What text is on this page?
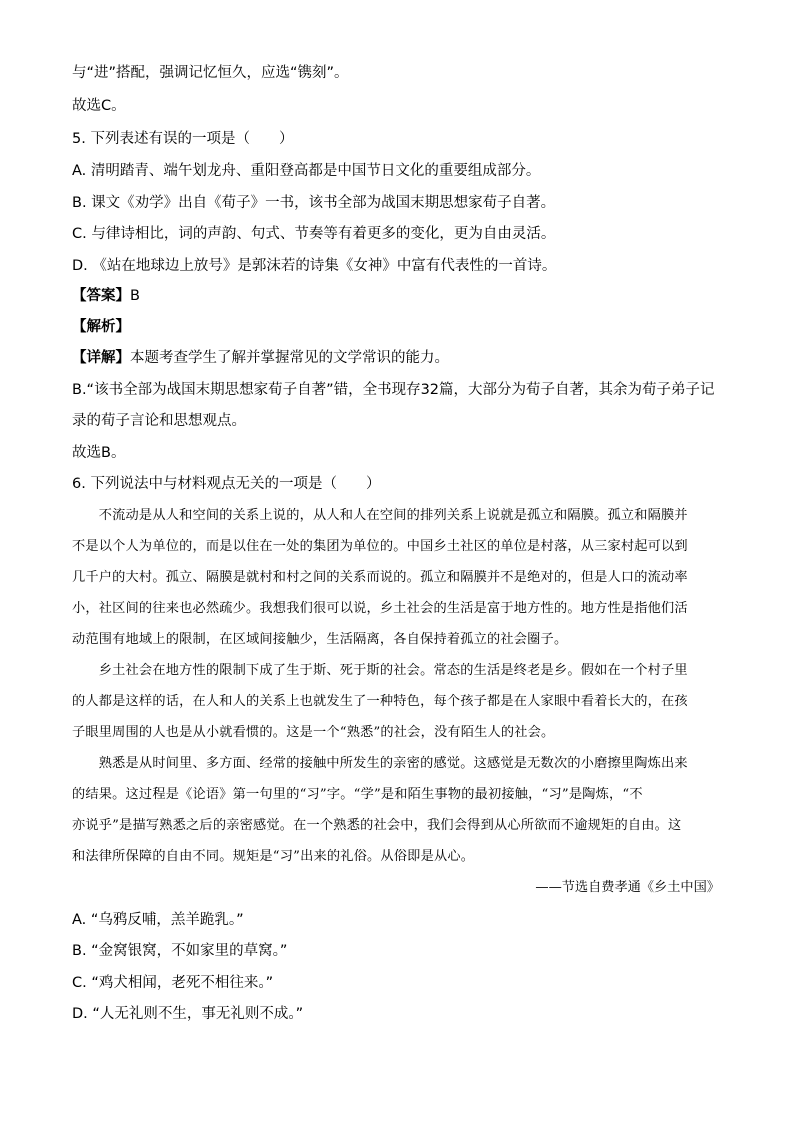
与“进”搭配，强调记忆恒久，应选“镌刻”。
故选C。
5. 下列表述有误的一项是（　　）
A. 清明踏青、端午划龙舟、重阳登高都是中国节日文化的重要组成部分。
B. 课文《劝学》出自《荀子》一书，该书全部为战国末期思想家荀子自著。
C. 与律诗相比，词的声韵、句式、节奏等有着更多的变化，更为自由灵活。
D. 《站在地球边上放号》是郭沫若的诗集《女神》中富有代表性的一首诗。
【答案】B
【解析】
【详解】本题考查学生了解并掌握常见的文学常识的能力。
B.“该书全部为战国末期思想家荀子自著”错，全书现存32篇，大部分为荀子自著，其余为荀子弟子记
录的荀子言论和思想观点。
故选B。
6. 下列说法中与材料观点无关的一项是（　　）
　　不流动是从人和空间的关系上说的，从人和人在空间的排列关系上说就是孤立和隔膜。孤立和隔膜并
不是以个人为单位的，而是以住在一处的集团为单位的。中国乡土社区的单位是村落，从三家村起可以到
几千户的大村。孤立、隔膜是就村和村之间的关系而说的。孤立和隔膜并不是绝对的，但是人口的流动率
小，社区间的往来也必然疏少。我想我们很可以说，乡土社会的生活是富于地方性的。地方性是指他们活
动范围有地域上的限制，在区域间接触少，生活隔离，各自保持着孤立的社会圈子。
　　乡土社会在地方性的限制下成了生于斯、死于斯的社会。常态的生活是终老是乡。假如在一个村子里
的人都是这样的话，在人和人的关系上也就发生了一种特色，每个孩子都是在人家眼中看着长大的，在孩
子眼里周围的人也是从小就看惯的。这是一个“熟悉”的社会，没有陌生人的社会。
　　熟悉是从时间里、多方面、经常的接触中所发生的亲密的感觉。这感觉是无数次的小磨擦里陶炼出来
的结果。这过程是《论语》第一句里的“习”字。“学”是和陌生事物的最初接触，“习”是陶炼，“不
亦说乎”是描写熟悉之后的亲密感觉。在一个熟悉的社会中，我们会得到从心所欲而不逾规矩的自由。这
和法律所保障的自由不同。规矩是“习”出来的礼俗。从俗即是从心。
——节选自费孝通《乡土中国》
A. “乌鸦反哺，羔羊跪乳。”
B. “金窝银窝，不如家里的草窝。”
C. “鸡犬相闻，老死不相往来。”
D. “人无礼则不生，事无礼则不成。”
